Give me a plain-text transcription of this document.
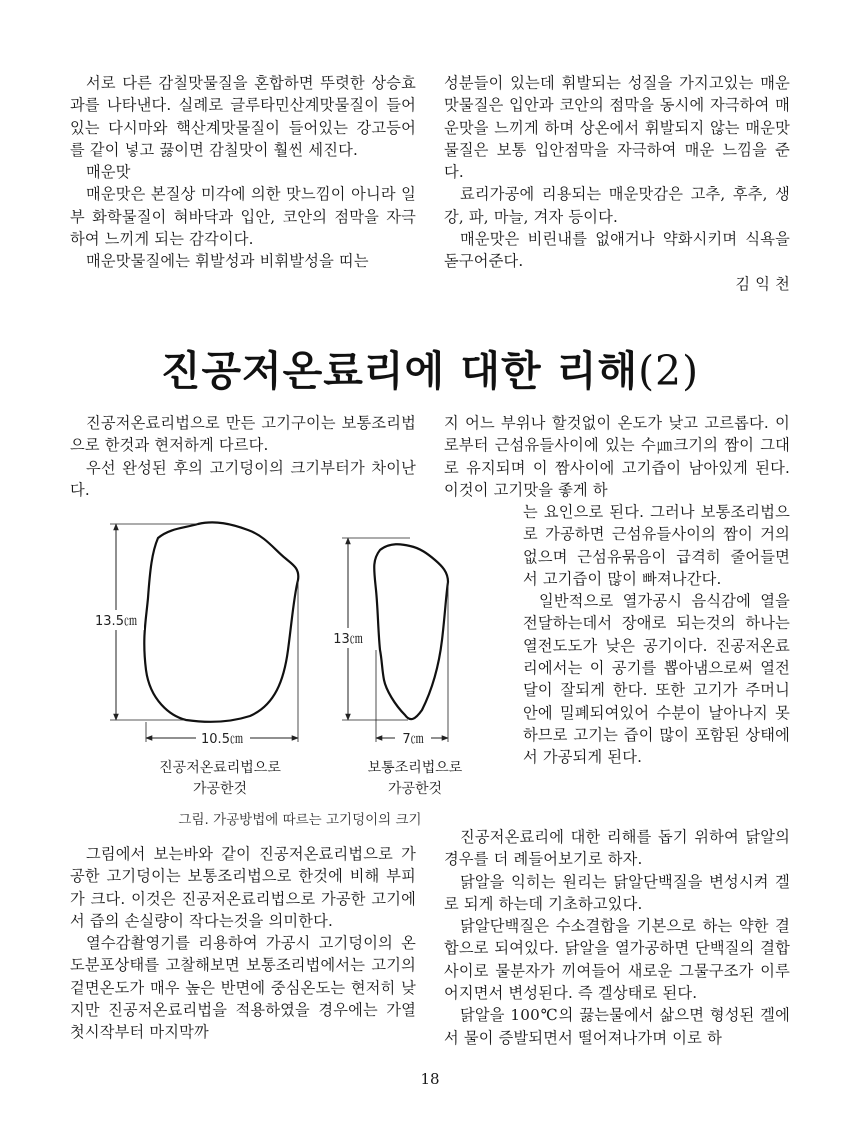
서로 다른 감칠맛물질을 혼합하면 뚜렷한 상승효과를 나타낸다. 실례로 글루타민산계맛물질이 들어있는 다시마와 핵산계맛물질이 들어있는 강고등어를 같이 넣고 끓이면 감칠맛이 훨씬 세진다.

매운맛

매운맛은 본질상 미각에 의한 맛느낌이 아니라 일부 화학물질이 혀바닥과 입안, 코안의 점막을 자극하여 느끼게 되는 감각이다.

매운맛물질에는 휘발성과 비휘발성을 띠는

성분들이 있는데 휘발되는 성질을 가지고있는 매운맛물질은 입안과 코안의 점막을 동시에 자극하여 매운맛을 느끼게 하며 상온에서 휘발되지 않는 매운맛물질은 보통 입안점막을 자극하여 매운 느낌을 준다.

료리가공에 리용되는 매운맛감은 고추, 후추, 생강, 파, 마늘, 겨자 등이다.

매운맛은 비린내를 없애거나 약화시키며 식욕을 돋구어준다.

김 익 천

진공저온료리에 대한 리해(2)

진공저온료리법으로 만든 고기구이는 보통조리법으로 한것과 현저하게 다르다.

우선 완성된 후의 고기덩이의 크기부터가 차이난다.

지 어느 부위나 할것없이 온도가 낮고 고르롭다. 이로부터 근섬유들사이에 있는 수㎛크기의 짬이 그대로 유지되며 이 짬사이에 고기즙이 남아있게 된다. 이것이 고기맛을 좋게 하

는 요인으로 된다. 그러나 보통조리법으로 가공하면 근섬유들사이의 짬이 거의 없으며 근섬유묶음이 급격히 줄어들면서 고기즙이 많이 빠져나간다.

일반적으로 열가공시 음식감에 열을 전달하는데서 장애로 되는것의 하나는 열전도도가 낮은 공기이다. 진공저온료리에서는 이 공기를 뽑아냄으로써 열전달이 잘되게 한다. 또한 고기가 주머니안에 밀폐되여있어 수분이 날아나지 못하므로 고기는 즙이 많이 포함된 상태에서 가공되게 된다.

진공저온료리에 대한 리해를 돕기 위하여 닭알의 경우를 더 례들어보기로 하자.

닭알을 익히는 원리는 닭알단백질을 변성시켜 겔로 되게 하는데 기초하고있다.

닭알단백질은 수소결합을 기본으로 하는 약한 결합으로 되여있다. 닭알을 열가공하면 단백질의 결합사이로 물분자가 끼여들어 새로운 그물구조가 이루어지면서 변성된다. 즉 겔상태로 된다.

닭알을 100℃의 끓는물에서 삶으면 형성된 겔에서 물이 증발되면서 떨어져나가며 이로 하

13.5㎝
10.5㎝
13㎝
7㎝
진공저온료리법으로
가공한것
보통조리법으로
가공한것
그림. 가공방법에 따르는 고기덩이의 크기

그림에서 보는바와 같이 진공저온료리법으로 가공한 고기덩이는 보통조리법으로 한것에 비해 부피가 크다. 이것은 진공저온료리법으로 가공한 고기에서 즙의 손실량이 작다는것을 의미한다.

열수감촬영기를 리용하여 가공시 고기덩이의 온도분포상태를 고찰해보면 보통조리법에서는 고기의 겉면온도가 매우 높은 반면에 중심온도는 현저히 낮지만 진공저온료리법을 적용하였을 경우에는 가열 첫시작부터 마지막까

18
